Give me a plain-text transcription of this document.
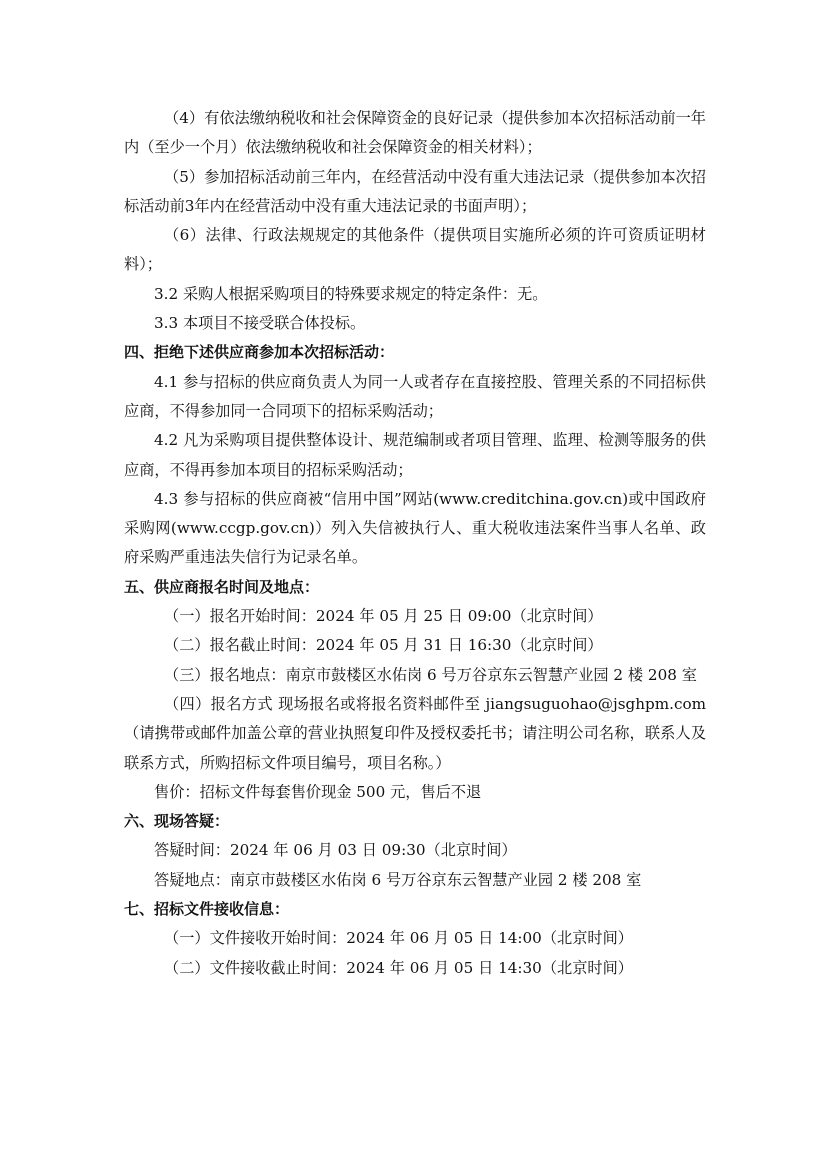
（4）有依法缴纳税收和社会保障资金的良好记录（提供参加本次招标活动前一年内（至少一个月）依法缴纳税收和社会保障资金的相关材料）；

（5）参加招标活动前三年内，在经营活动中没有重大违法记录（提供参加本次招标活动前3年内在经营活动中没有重大违法记录的书面声明）；

（6）法律、行政法规规定的其他条件（提供项目实施所必须的许可资质证明材料）；

3.2 采购人根据采购项目的特殊要求规定的特定条件：无。

3.3 本项目不接受联合体投标。

四、拒绝下述供应商参加本次招标活动：

4.1 参与招标的供应商负责人为同一人或者存在直接控股、管理关系的不同招标供应商，不得参加同一合同项下的招标采购活动；

4.2 凡为采购项目提供整体设计、规范编制或者项目管理、监理、检测等服务的供应商，不得再参加本项目的招标采购活动；

4.3 参与招标的供应商被“信用中国”网站(www.creditchina.gov.cn)或中国政府采购网(www.ccgp.gov.cn)）列入失信被执行人、重大税收违法案件当事人名单、政府采购严重违法失信行为记录名单。

五、供应商报名时间及地点：

（一）报名开始时间：2024 年 05 月 25 日 09:00（北京时间）

（二）报名截止时间：2024 年 05 月 31 日 16:30（北京时间）

（三）报名地点：南京市鼓楼区水佑岗 6 号万谷京东云智慧产业园 2 楼 208 室

（四）报名方式 现场报名或将报名资料邮件至 jiangsuguohao@jsghpm.com（请携带或邮件加盖公章的营业执照复印件及授权委托书；请注明公司名称，联系人及联系方式，所购招标文件项目编号，项目名称。）

售价：招标文件每套售价现金 500 元，售后不退

六、现场答疑：

答疑时间：2024 年 06 月 03 日 09:30（北京时间）

答疑地点：南京市鼓楼区水佑岗 6 号万谷京东云智慧产业园 2 楼 208 室

七、招标文件接收信息：

（一）文件接收开始时间：2024 年 06 月 05 日 14:00（北京时间）

（二）文件接收截止时间：2024 年 06 月 05 日 14:30（北京时间）
